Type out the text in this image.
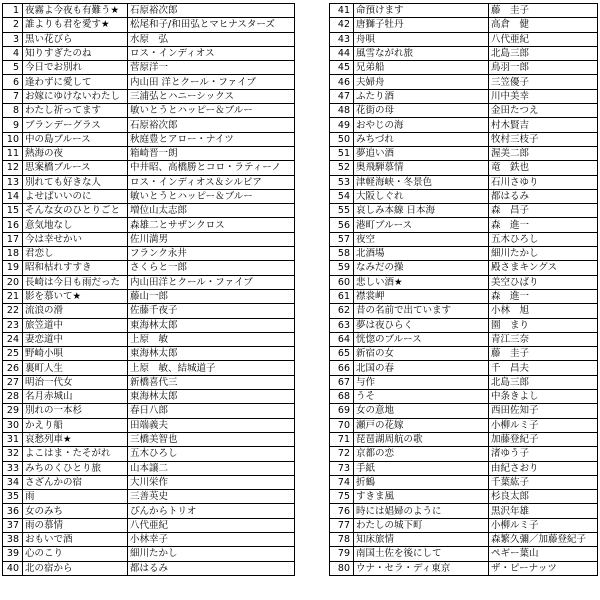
1	夜霧よ今夜も有難う★	石原裕次郎
2	誰よりも君を愛す★	松尾和子/和田弘とマヒナスターズ
3	黒い花びら	水原　弘
4	知りすぎたのね	ロス・インディオス
5	今日でお別れ	菅原洋一
6	逢わずに愛して	内山田 洋とクール・ファイブ
7	お嫁にゆけないわたし	三浦弘とハニーシックス
8	わたし祈ってます	敏いとうとハッピー＆ブルー
9	ブランデーグラス	石原裕次郎
10	中の島ブルース	秋庭豊とアロー・ナイツ
11	熱海の夜	箱崎晋一朗
12	思案橋ブルース	中井昭、高橋勝とコロ・ラティーノ
13	別れても好きな人	ロス・インディオス＆シルビア
14	よせばいいのに	敏いとうとハッピー＆ブルー
15	そんな女のひとりごと	増位山太志郎
16	意気地なし	森雄二とサザンクロス
17	今は幸せかい	佐川満男
18	君恋し	フランク永井
19	昭和枯れすすき	さくらと一郎
20	長崎は今日も雨だった	内山田洋とクール・ファイブ
21	影を慕いて★	藤山一郎
22	流浪の滑	佐藤千夜子
23	旅笠道中	東海林太郎
24	妻恋道中	上原　敏
25	野崎小唄	東海林太郎
26	裏町人生	上原　敏、結城道子
27	明治一代女	新橋喜代三
28	名月赤城山	東海林太郎
29	別れの一本杉	春日八郎
30	かえり船	田端義夫
31	哀愁列車★	三橋美智也
32	よこはま・たそがれ	五木ひろし
33	みちのくひとり旅	山本譲二
34	さざんかの宿	大川栄作
35	雨	三善英史
36	女のみち	ぴんからトリオ
37	雨の慕情	八代亜紀
38	おもいで酒	小林幸子
39	心のこり	細川たかし
40	北の宿から	都はるみ
41	命預けます	藤　圭子
42	唐獅子牡丹	高倉　健
43	舟唄	八代亜紀
44	風雪ながれ旅	北島三郎
45	兄弟船	鳥羽一郎
46	夫婦舟	三笠優子
47	ふたり酒	川中美幸
48	花街の母	金田たつえ
49	おやじの海	村木賢吉
50	みちづれ	牧村三枝子
51	夢追い酒	渥美二郎
52	奥飛騨慕情	竜　鉄也
53	津軽海峡・冬景色	石川さゆり
54	大阪しぐれ	都はるみ
55	哀しみ本線 日本海	森　昌子
56	港町ブルース	森　進一
57	夜空	五木ひろし
58	北酒場	細川たかし
59	なみだの操	殿さまキングス
60	悲しい酒★	美空ひばり
61	襟裳岬	森　進一
62	昔の名前で出ています	小林　旭
63	夢は夜ひらく	園　まり
64	恍惚のブルース	青江三奈
65	新宿の女	藤　圭子
66	北国の春	千　昌夫
67	与作	北島三郎
68	うそ	中条きよし
69	女の意地	西田佐知子
70	瀬戸の花嫁	小柳ルミ子
71	琵琶湖周航の歌	加藤登紀子
72	京都の恋	渚ゆう子
73	手紙	由紀さおり
74	折鶴	千葉紘子
75	すきま風	杉良太郎
76	時には娼婦のように	黒沢年雄
77	わたしの城下町	小柳ルミ子
78	知床旅情	森繁久彌／加藤登紀子
79	南国土佐を後にして	ペギー葉山
80	ウナ・セラ・ディ東京	ザ・ピーナッツ
